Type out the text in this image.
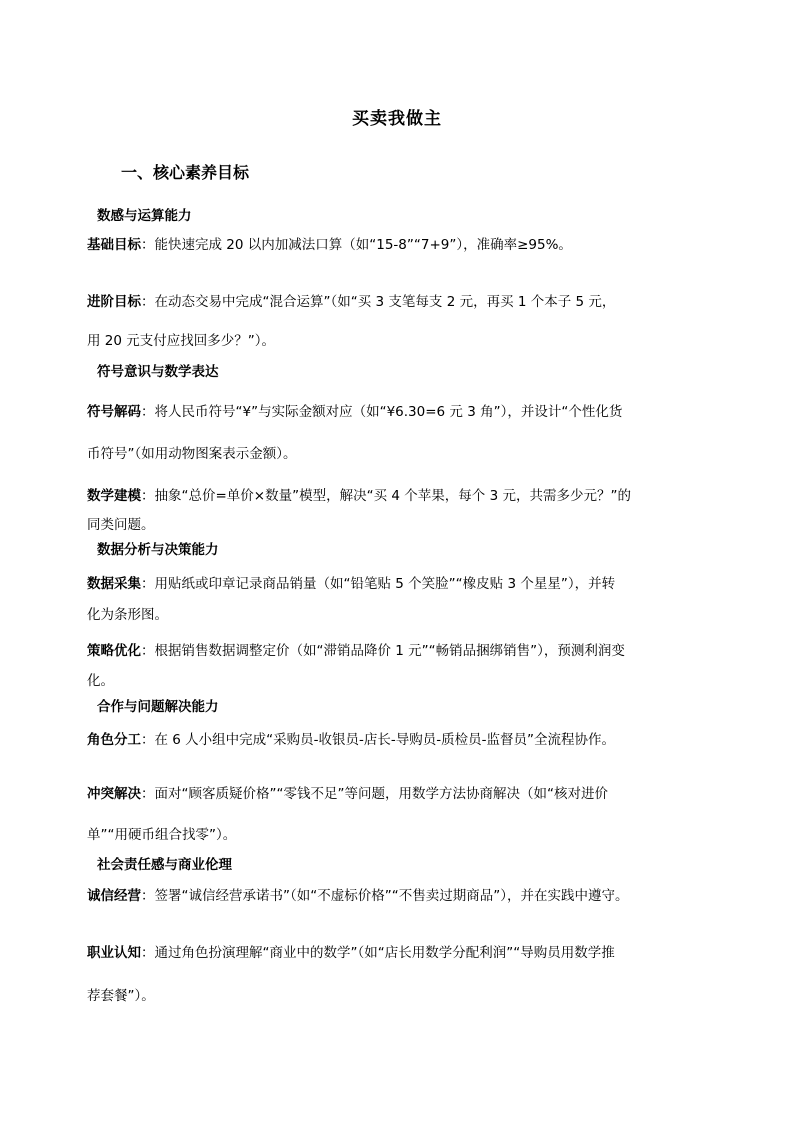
买卖我做主
一、核心素养目标
数感与运算能力
基础目标：能快速完成 20 以内加减法口算（如“15-8”“7+9”），准确率≥95%。
进阶目标：在动态交易中完成“混合运算”（如“买 3 支笔每支 2 元，再买 1 个本子 5 元，
用 20 元支付应找回多少？”）。
符号意识与数学表达
符号解码：将人民币符号“¥”与实际金额对应（如“¥6.30=6 元 3 角”），并设计“个性化货
币符号”（如用动物图案表示金额）。
数学建模：抽象“总价=单价×数量”模型，解决“买 4 个苹果，每个 3 元，共需多少元？”的
同类问题。
数据分析与决策能力
数据采集：用贴纸或印章记录商品销量（如“铅笔贴 5 个笑脸”“橡皮贴 3 个星星”），并转
化为条形图。
策略优化：根据销售数据调整定价（如“滞销品降价 1 元”“畅销品捆绑销售”），预测利润变
化。
合作与问题解决能力
角色分工：在 6 人小组中完成“采购员-收银员-店长-导购员-质检员-监督员”全流程协作。
冲突解决：面对“顾客质疑价格”“零钱不足”等问题，用数学方法协商解决（如“核对进价
单”“用硬币组合找零”）。
社会责任感与商业伦理
诚信经营：签署“诚信经营承诺书”（如“不虚标价格”“不售卖过期商品”），并在实践中遵守。
职业认知：通过角色扮演理解“商业中的数学”（如“店长用数学分配利润”“导购员用数学推
荐套餐”）。
